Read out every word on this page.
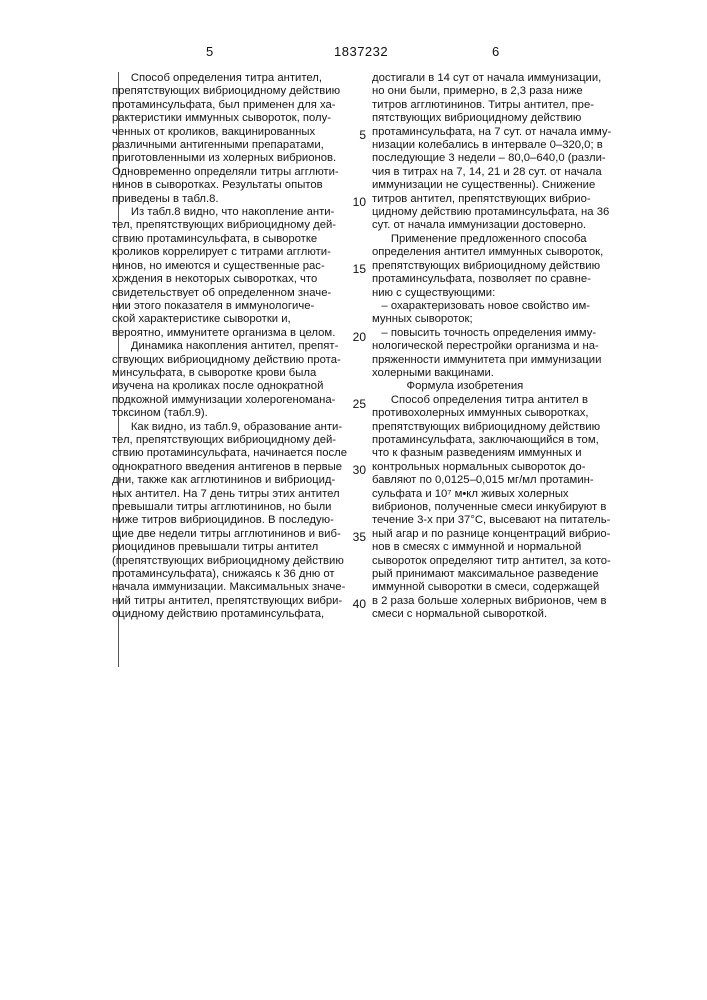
5	1837232	6

Способ определения титра антител,

препятствующих вибриоцидному действию

протаминсульфата, был применен для ха-

рактеристики иммунных сывороток, полу-

ченных от кроликов, вакцинированных

различными антигенными препаратами,

приготовленными из холерных вибрионов.

Одновременно определяли титры агглюти-

нинов в сыворотках. Результаты опытов

приведены в табл.8.

Из табл.8 видно, что накопление анти-

тел, препятствующих вибриоцидному дей-

ствию протаминсульфата, в сыворотке

кроликов коррелирует с титрами агглюти-

нинов, но имеются и существенные рас-

хождения в некоторых сыворотках, что

свидетельствует об определенном значе-

нии этого показателя в иммунологиче-

ской характеристике сыворотки и,

вероятно, иммунитете организма в целом.

Динамика накопления антител, препят-

ствующих вибриоцидному действию прота-

минсульфата, в сыворотке крови была

изучена на кроликах после однократной

подкожной иммунизации холерогеномана-

токсином (табл.9).

Как видно, из табл.9, образование анти-

тел, препятствующих вибриоцидному дей-

ствию протаминсульфата, начинается после

однократного введения антигенов в первые

дни, также как агглютининов и вибриоцид-

ных антител. На 7 день титры этих антител

превышали титры агглютининов, но были

ниже титров вибриоцидинов. В последую-

щие две недели титры агглютининов и виб-

риоцидинов превышали титры антител

(препятствующих вибриоцидному действию

протаминсульфата), снижаясь к 36 дню от

начала иммунизации. Максимальных значе-

ний титры антител, препятствующих вибри-

оцидному действию протаминсульфата,

достигали в 14 сут от начала иммунизации,

но они были, примерно, в 2,3 раза ниже

титров агглютининов. Титры антител, пре-

пятствующих вибриоцидному действию

протаминсульфата, на 7 сут. от начала имму-

низации колебались в интервале 0–320,0; в

последующие 3 недели – 80,0–640,0 (разли-

чия в титрах на 7, 14, 21 и 28 сут. от начала

иммунизации не существенны). Снижение

титров антител, препятствующих вибрио-

цидному действию протаминсульфата, на 36

сут. от начала иммунизации достоверно.

Применение предложенного способа

определения антител иммунных сывороток,

препятствующих вибриоцидному действию

протаминсульфата, позволяет по сравне-

нию с существующими:

– охарактеризовать новое свойство им-

мунных сывороток;

– повысить точность определения имму-

нологической перестройки организма и на-

пряженности иммунитета при иммунизации

холерными вакцинами.

Формула изобретения

Способ определения титра антител в

противохолерных иммунных сыворотках,

препятствующих вибриоцидному действию

протаминсульфата, заключающийся в том,

что к фазным разведениям иммунных и

контрольных нормальных сывороток до-

бавляют по 0,0125–0,015 мг/мл протамин-

сульфата и 10⁷ м•кл живых холерных

вибрионов, полученные смеси инкубируют в

течение 3-х при 37°C, высевают на питатель-

ный агар и по разнице концентраций вибрио-

нов в смесях с иммунной и нормальной

сывороток определяют титр антител, за кото-

рый принимают максимальное разведение

иммунной сыворотки в смеси, содержащей

в 2 раза больше холерных вибрионов, чем в

смеси с нормальной сывороткой.

5
10
15
20
25
30
35
40
